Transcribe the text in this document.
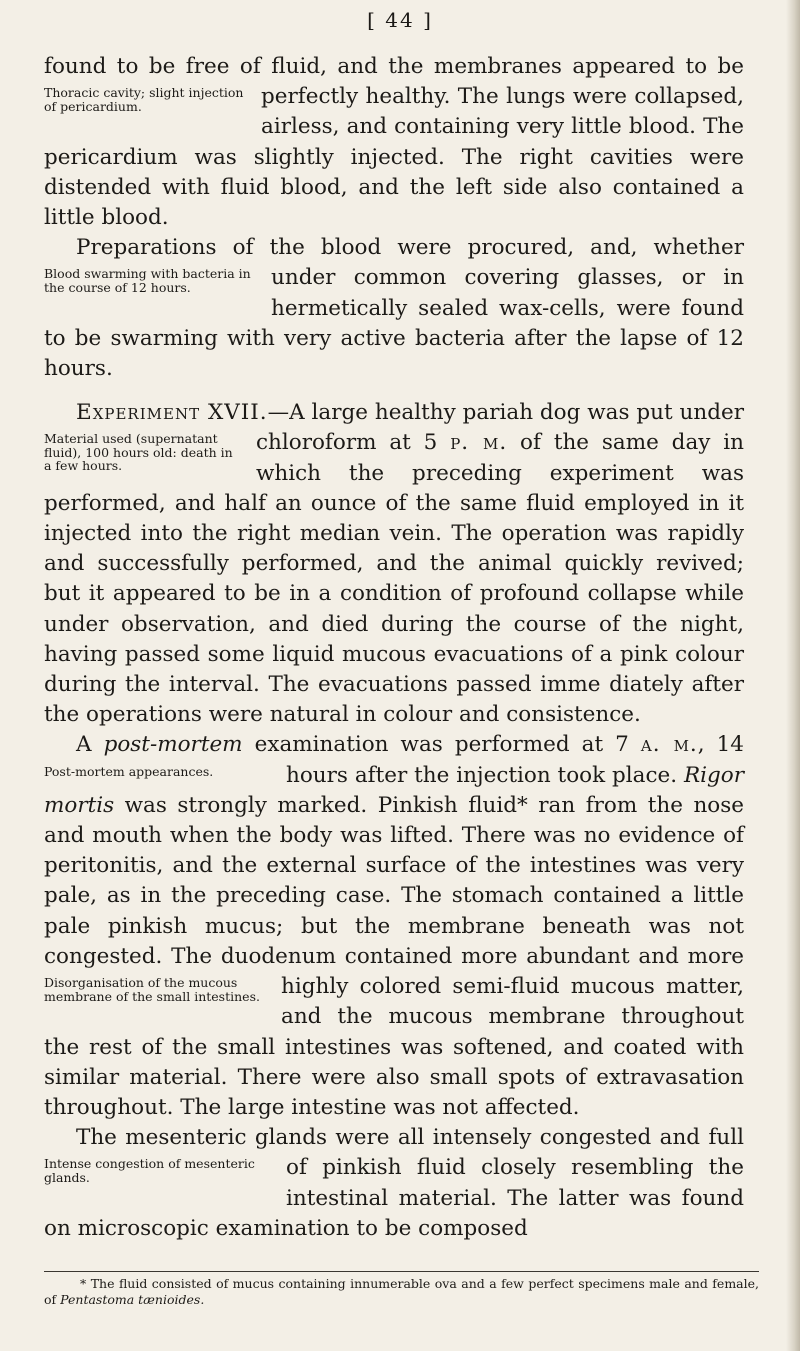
[ 44 ]

found to be free of fluid, and the membranes appeared to
Thoracic cavity; slight injection of pericardium.
be perfectly healthy. The lungs were collapsed, airless, and containing very little blood. The pericardium was slightly injected. The right cavities were distended with fluid blood, and the left side also contained a little blood.

Preparations of the blood were procured, and, whether under common covering glasses, or
Blood swarming with bacteria in the course of 12 hours.	in hermetically sealed wax-cells, were found to be swarming with very active bacteria after the lapse of 12 hours.

Experiment XVII.—A large healthy pariah dog was put under chloroform at 5 p. m. of
Material used (supernatant fluid), 100 hours old: death in a few hours.
the same day in which the preceding experiment was performed, and half an ounce of the same fluid employed in it injected into the right median vein. The operation was rapidly and successfully performed, and the animal quickly revived; but it appeared to be in a condition of profound collapse while under observation, and died during the course of the night, having passed some liquid mucous evacuations of a pink colour during the interval. The evacuations passed imme diately after the operations were natural in colour and consistence.

A post-mortem examination was performed at 7 a. m., 14 hours after the injection took
Post-mortem appearances.	place. Rigor mortis was strongly marked. Pinkish fluid* ran from the nose and mouth when the body was lifted. There was no evidence of peritonitis, and the external surface of the intestines was very pale, as in the preceding case. The stomach contained a little pale pinkish mucus; but the membrane beneath was not congested. The duodenum contained more abundant and more
Disorganisation of the mucous membrane of the small intestines. highly colored semi-fluid mucous matter, and the mucous membrane throughout the rest of the small intestines was softened, and coated with similar material. There were also small spots of extravasation throughout. The large intestine was not affected.

The mesenteric glands were all intensely congested and
Intense congestion of mesenteric glands.
full of pinkish fluid closely resembling the intestinal material. The latter was found on microscopic examination to be composed

* The fluid consisted of mucus containing innumerable ova and a few perfect specimens male and female, of Pentastoma tænioides.
